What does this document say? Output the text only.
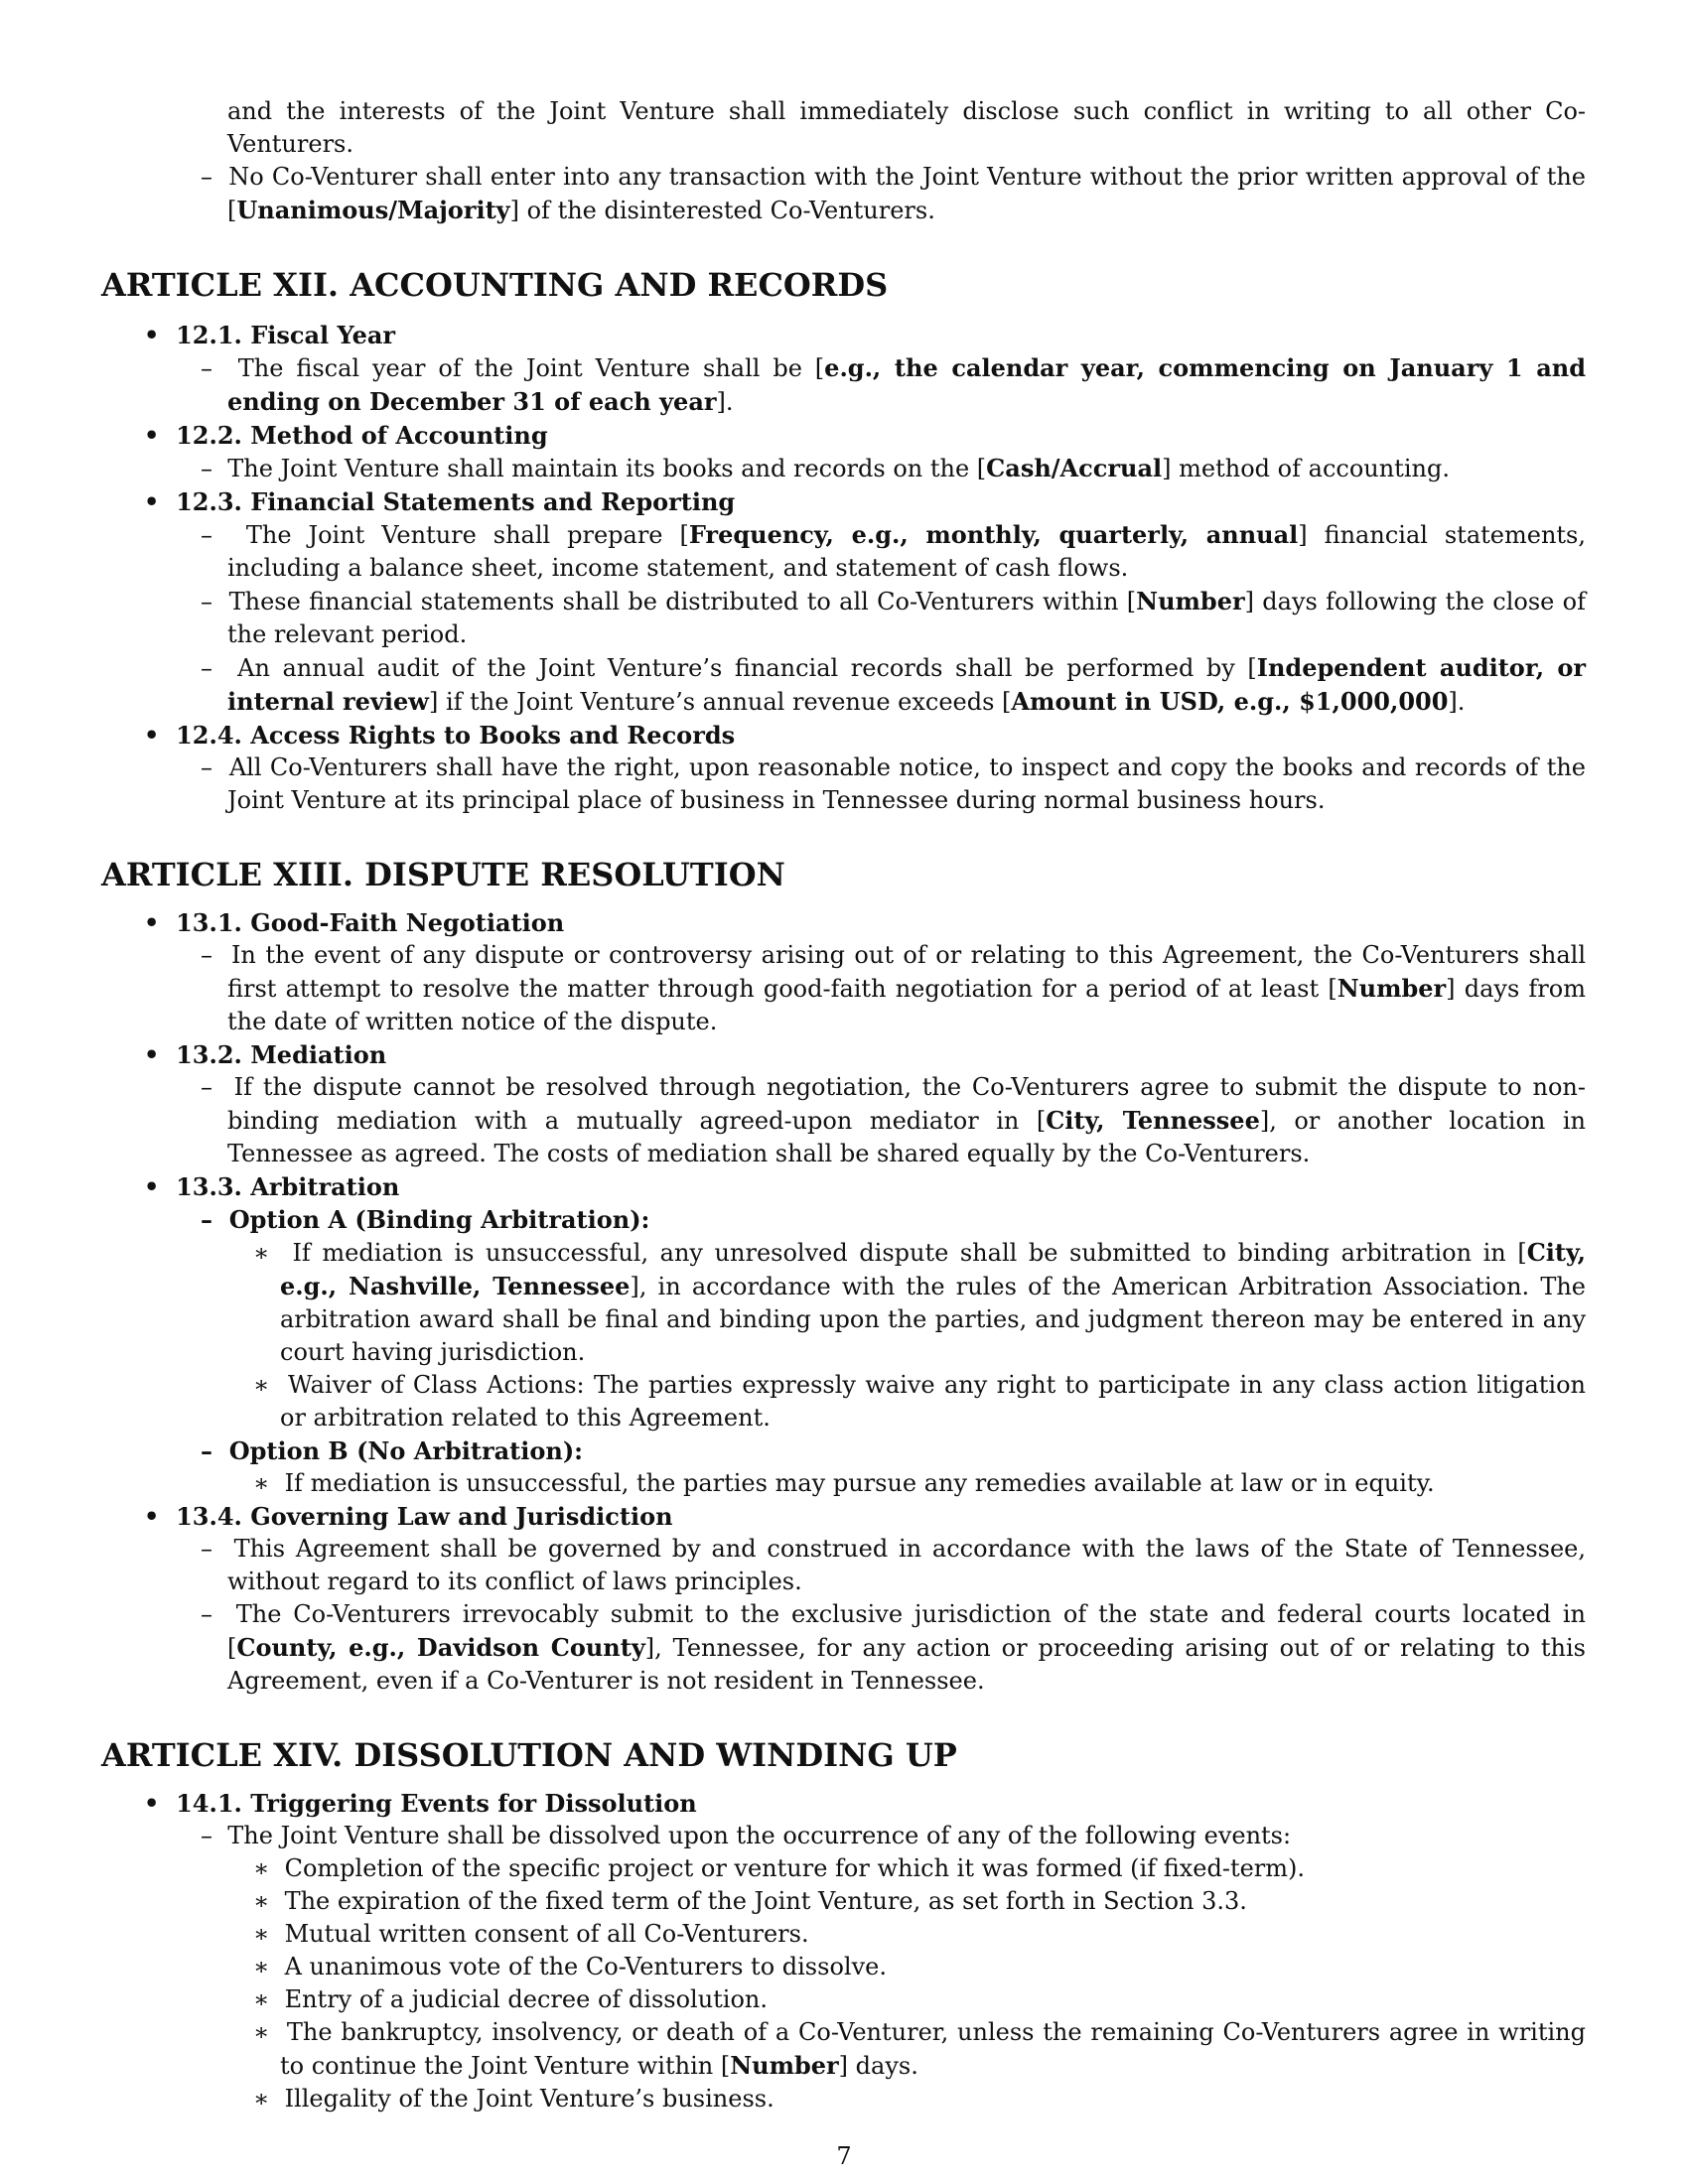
and the interests of the Joint Venture shall immediately disclose such conflict in writing to all other Co-Venturers.

– No Co-Venturer shall enter into any transaction with the Joint Venture without the prior written approval of the [Unanimous/Majority] of the disinterested Co-Venturers.

ARTICLE XII. ACCOUNTING AND RECORDS

• 12.1. Fiscal Year

– The fiscal year of the Joint Venture shall be [e.g., the calendar year, commencing on January 1 and ending on December 31 of each year].

• 12.2. Method of Accounting

– The Joint Venture shall maintain its books and records on the [Cash/Accrual] method of accounting.

• 12.3. Financial Statements and Reporting

– The Joint Venture shall prepare [Frequency, e.g., monthly, quarterly, annual] financial statements, including a balance sheet, income statement, and statement of cash flows.

– These financial statements shall be distributed to all Co-Venturers within [Number] days following the close of the relevant period.

– An annual audit of the Joint Venture’s financial records shall be performed by [Independent auditor, or internal review] if the Joint Venture’s annual revenue exceeds [Amount in USD, e.g., $1,000,000].

• 12.4. Access Rights to Books and Records

– All Co-Venturers shall have the right, upon reasonable notice, to inspect and copy the books and records of the Joint Venture at its principal place of business in Tennessee during normal business hours.

ARTICLE XIII. DISPUTE RESOLUTION

• 13.1. Good-Faith Negotiation

– In the event of any dispute or controversy arising out of or relating to this Agreement, the Co-Venturers shall first attempt to resolve the matter through good-faith negotiation for a period of at least [Number] days from the date of written notice of the dispute.

• 13.2. Mediation

– If the dispute cannot be resolved through negotiation, the Co-Venturers agree to submit the dispute to non-binding mediation with a mutually agreed-upon mediator in [City, Tennessee], or another location in Tennessee as agreed. The costs of mediation shall be shared equally by the Co-Venturers.

• 13.3. Arbitration

– Option A (Binding Arbitration):

∗ If mediation is unsuccessful, any unresolved dispute shall be submitted to binding arbitration in [City, e.g., Nashville, Tennessee], in accordance with the rules of the American Arbitration Association. The arbitration award shall be final and binding upon the parties, and judgment thereon may be entered in any court having jurisdiction.

∗ Waiver of Class Actions: The parties expressly waive any right to participate in any class action litigation or arbitration related to this Agreement.

– Option B (No Arbitration):

∗ If mediation is unsuccessful, the parties may pursue any remedies available at law or in equity.

• 13.4. Governing Law and Jurisdiction

– This Agreement shall be governed by and construed in accordance with the laws of the State of Tennessee, without regard to its conflict of laws principles.

– The Co-Venturers irrevocably submit to the exclusive jurisdiction of the state and federal courts located in [County, e.g., Davidson County], Tennessee, for any action or proceeding arising out of or relating to this Agreement, even if a Co-Venturer is not resident in Tennessee.

ARTICLE XIV. DISSOLUTION AND WINDING UP

• 14.1. Triggering Events for Dissolution

– The Joint Venture shall be dissolved upon the occurrence of any of the following events:

∗ Completion of the specific project or venture for which it was formed (if fixed-term).

∗ The expiration of the fixed term of the Joint Venture, as set forth in Section 3.3.

∗ Mutual written consent of all Co-Venturers.

∗ A unanimous vote of the Co-Venturers to dissolve.

∗ Entry of a judicial decree of dissolution.

∗ The bankruptcy, insolvency, or death of a Co-Venturer, unless the remaining Co-Venturers agree in writing to continue the Joint Venture within [Number] days.

∗ Illegality of the Joint Venture’s business.

7
